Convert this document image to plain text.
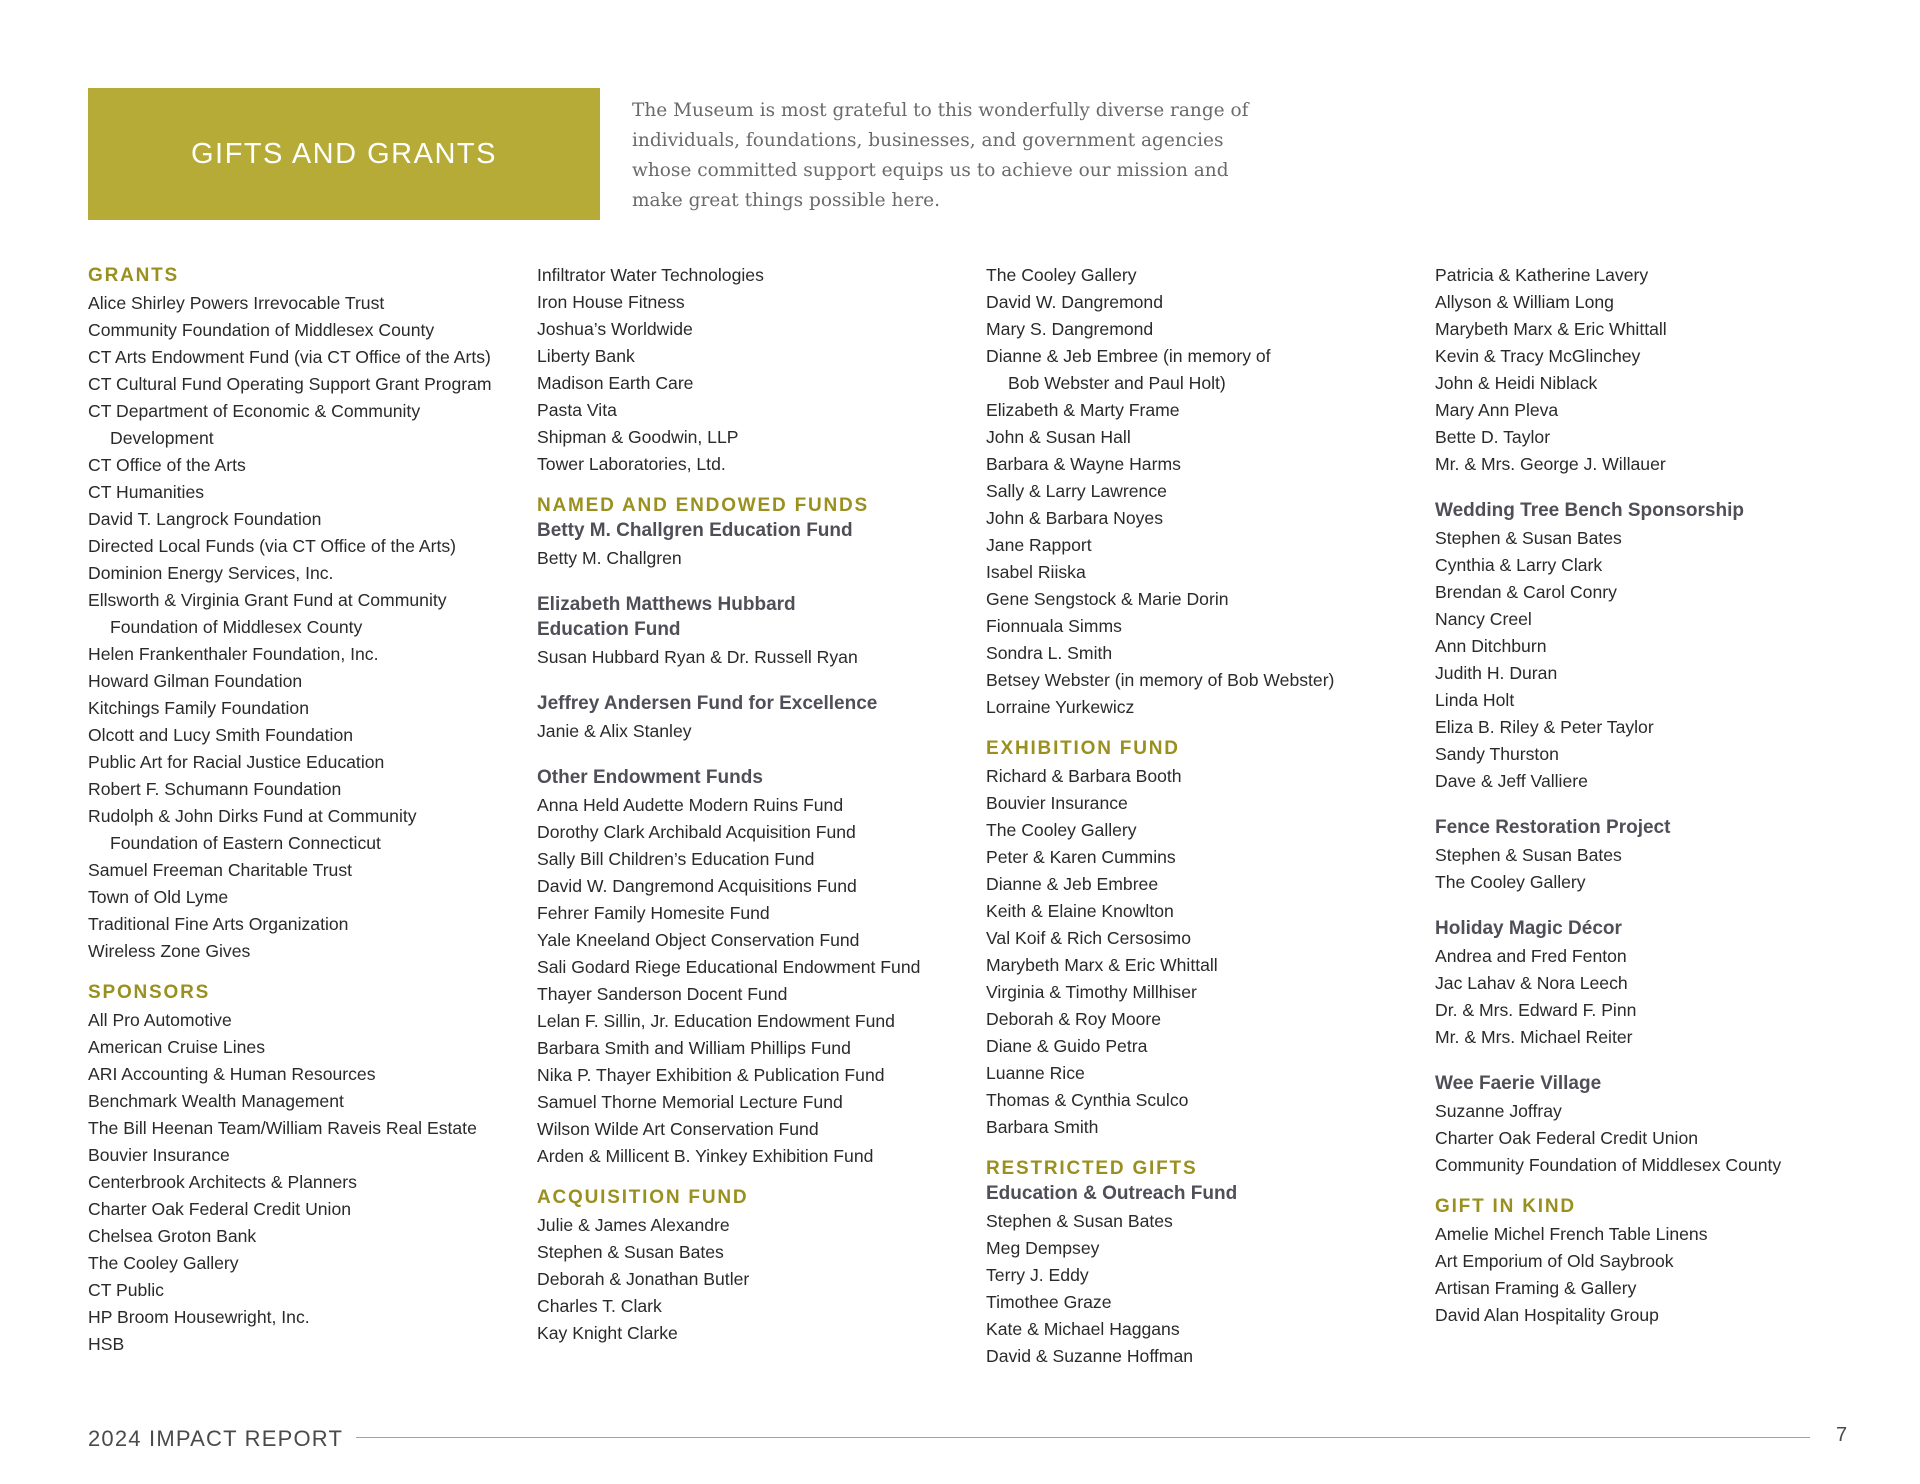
GIFTS AND GRANTS
The Museum is most grateful to this wonderfully diverse range of
individuals, foundations, businesses, and government agencies
whose committed support equips us to achieve our mission and
make great things possible here.
GRANTS
Alice Shirley Powers Irrevocable Trust
Community Foundation of Middlesex County
CT Arts Endowment Fund (via CT Office of the Arts)
CT Cultural Fund Operating Support Grant Program
CT Department of Economic & Community
Development
CT Office of the Arts
CT Humanities
David T. Langrock Foundation
Directed Local Funds (via CT Office of the Arts)
Dominion Energy Services, Inc.
Ellsworth & Virginia Grant Fund at Community
Foundation of Middlesex County
Helen Frankenthaler Foundation, Inc.
Howard Gilman Foundation
Kitchings Family Foundation
Olcott and Lucy Smith Foundation
Public Art for Racial Justice Education
Robert F. Schumann Foundation
Rudolph & John Dirks Fund at Community
Foundation of Eastern Connecticut
Samuel Freeman Charitable Trust
Town of Old Lyme
Traditional Fine Arts Organization
Wireless Zone Gives
SPONSORS
All Pro Automotive
American Cruise Lines
ARI Accounting & Human Resources
Benchmark Wealth Management
The Bill Heenan Team/William Raveis Real Estate
Bouvier Insurance
Centerbrook Architects & Planners
Charter Oak Federal Credit Union
Chelsea Groton Bank
The Cooley Gallery
CT Public
HP Broom Housewright, Inc.
HSB
Infiltrator Water Technologies
Iron House Fitness
Joshua’s Worldwide
Liberty Bank
Madison Earth Care
Pasta Vita
Shipman & Goodwin, LLP
Tower Laboratories, Ltd.
NAMED AND ENDOWED FUNDS
Betty M. Challgren Education Fund
Betty M. Challgren
Elizabeth Matthews Hubbard
Education Fund
Susan Hubbard Ryan & Dr. Russell Ryan
Jeffrey Andersen Fund for Excellence
Janie & Alix Stanley
Other Endowment Funds
Anna Held Audette Modern Ruins Fund
Dorothy Clark Archibald Acquisition Fund
Sally Bill Children’s Education Fund
David W. Dangremond Acquisitions Fund
Fehrer Family Homesite Fund
Yale Kneeland Object Conservation Fund
Sali Godard Riege Educational Endowment Fund
Thayer Sanderson Docent Fund
Lelan F. Sillin, Jr. Education Endowment Fund
Barbara Smith and William Phillips Fund
Nika P. Thayer Exhibition & Publication Fund
Samuel Thorne Memorial Lecture Fund
Wilson Wilde Art Conservation Fund
Arden & Millicent B. Yinkey Exhibition Fund
ACQUISITION FUND
Julie & James Alexandre
Stephen & Susan Bates
Deborah & Jonathan Butler
Charles T. Clark
Kay Knight Clarke
The Cooley Gallery
David W. Dangremond
Mary S. Dangremond
Dianne & Jeb Embree (in memory of
Bob Webster and Paul Holt)
Elizabeth & Marty Frame
John & Susan Hall
Barbara & Wayne Harms
Sally & Larry Lawrence
John & Barbara Noyes
Jane Rapport
Isabel Riiska
Gene Sengstock & Marie Dorin
Fionnuala Simms
Sondra L. Smith
Betsey Webster (in memory of Bob Webster)
Lorraine Yurkewicz
EXHIBITION FUND
Richard & Barbara Booth
Bouvier Insurance
The Cooley Gallery
Peter & Karen Cummins
Dianne & Jeb Embree
Keith & Elaine Knowlton
Val Koif & Rich Cersosimo
Marybeth Marx & Eric Whittall
Virginia & Timothy Millhiser
Deborah & Roy Moore
Diane & Guido Petra
Luanne Rice
Thomas & Cynthia Sculco
Barbara Smith
RESTRICTED GIFTS
Education & Outreach Fund
Stephen & Susan Bates
Meg Dempsey
Terry J. Eddy
Timothee Graze
Kate & Michael Haggans
David & Suzanne Hoffman
Patricia & Katherine Lavery
Allyson & William Long
Marybeth Marx & Eric Whittall
Kevin & Tracy McGlinchey
John & Heidi Niblack
Mary Ann Pleva
Bette D. Taylor
Mr. & Mrs. George J. Willauer
Wedding Tree Bench Sponsorship
Stephen & Susan Bates
Cynthia & Larry Clark
Brendan & Carol Conry
Nancy Creel
Ann Ditchburn
Judith H. Duran
Linda Holt
Eliza B. Riley & Peter Taylor
Sandy Thurston
Dave & Jeff Valliere
Fence Restoration Project
Stephen & Susan Bates
The Cooley Gallery
Holiday Magic Décor
Andrea and Fred Fenton
Jac Lahav & Nora Leech
Dr. & Mrs. Edward F. Pinn
Mr. & Mrs. Michael Reiter
Wee Faerie Village
Suzanne Joffray
Charter Oak Federal Credit Union
Community Foundation of Middlesex County
GIFT IN KIND
Amelie Michel French Table Linens
Art Emporium of Old Saybrook
Artisan Framing & Gallery
David Alan Hospitality Group
2024 IMPACT REPORT	7
